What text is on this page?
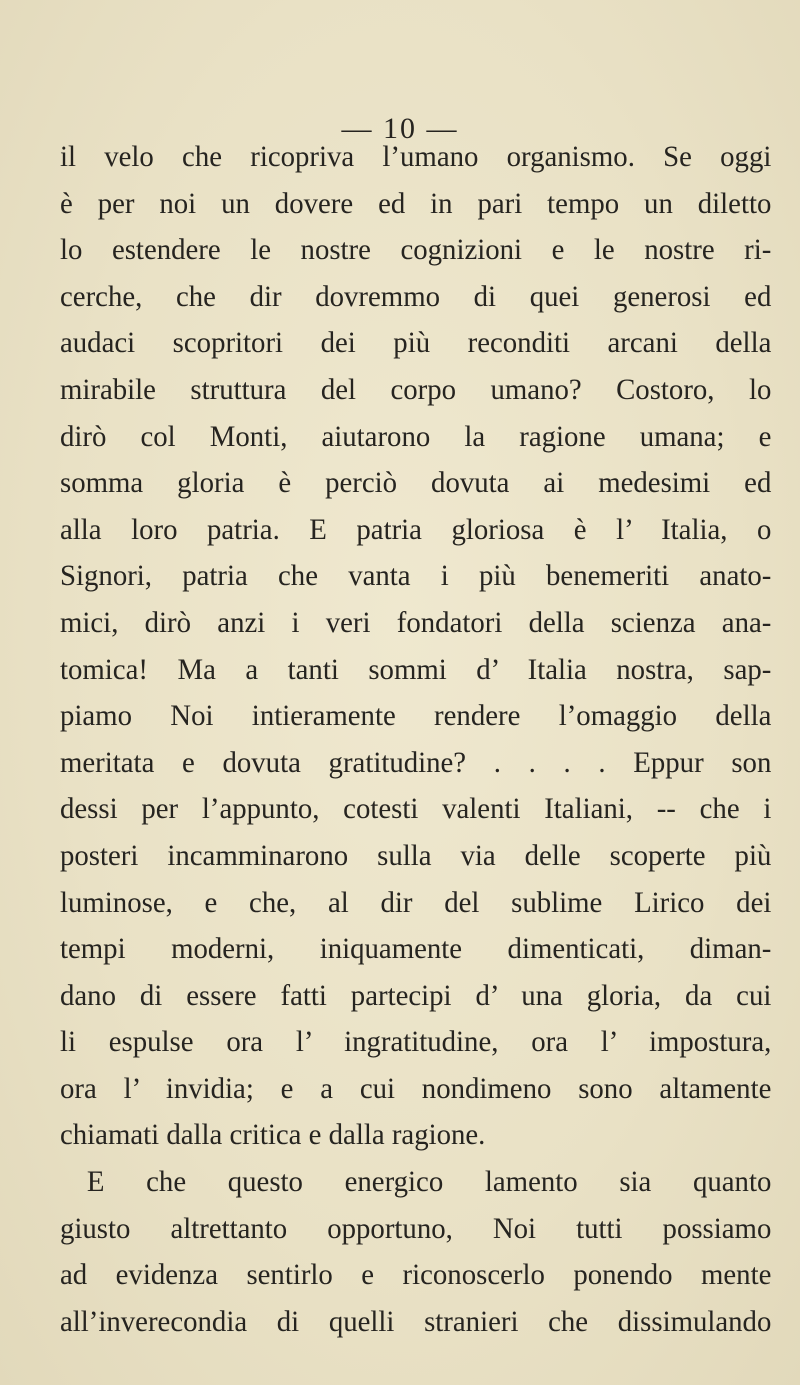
— 10 —
il velo che ricopriva l’umano organismo. Se oggi
è per noi un dovere ed in pari tempo un diletto
lo estendere le nostre cognizioni e le nostre ri-
cerche, che dir dovremmo di quei generosi ed
audaci scopritori dei più reconditi arcani della
mirabile struttura del corpo umano? Costoro, lo
dirò col Monti, aiutarono la ragione umana; e
somma gloria è perciò dovuta ai medesimi ed
alla loro patria. E patria gloriosa è l’ Italia, o
Signori, patria che vanta i più benemeriti anato-
mici, dirò anzi i veri fondatori della scienza ana-
tomica! Ma a tanti sommi d’ Italia nostra, sap-
piamo Noi intieramente rendere l’omaggio della
meritata e dovuta gratitudine? . . . . Eppur son
dessi per l’appunto, cotesti valenti Italiani, -- che i
posteri incamminarono sulla via delle scoperte più
luminose, e che, al dir del sublime Lirico dei
tempi moderni, iniquamente dimenticati, diman-
dano di essere fatti partecipi d’ una gloria, da cui
li espulse ora l’ ingratitudine, ora l’ impostura,
ora l’ invidia; e a cui nondimeno sono altamente
chiamati dalla critica e dalla ragione.
E che questo energico lamento sia quanto
giusto altrettanto opportuno, Noi tutti possiamo
ad evidenza sentirlo e riconoscerlo ponendo mente
all’inverecondia di quelli stranieri che dissimulando
